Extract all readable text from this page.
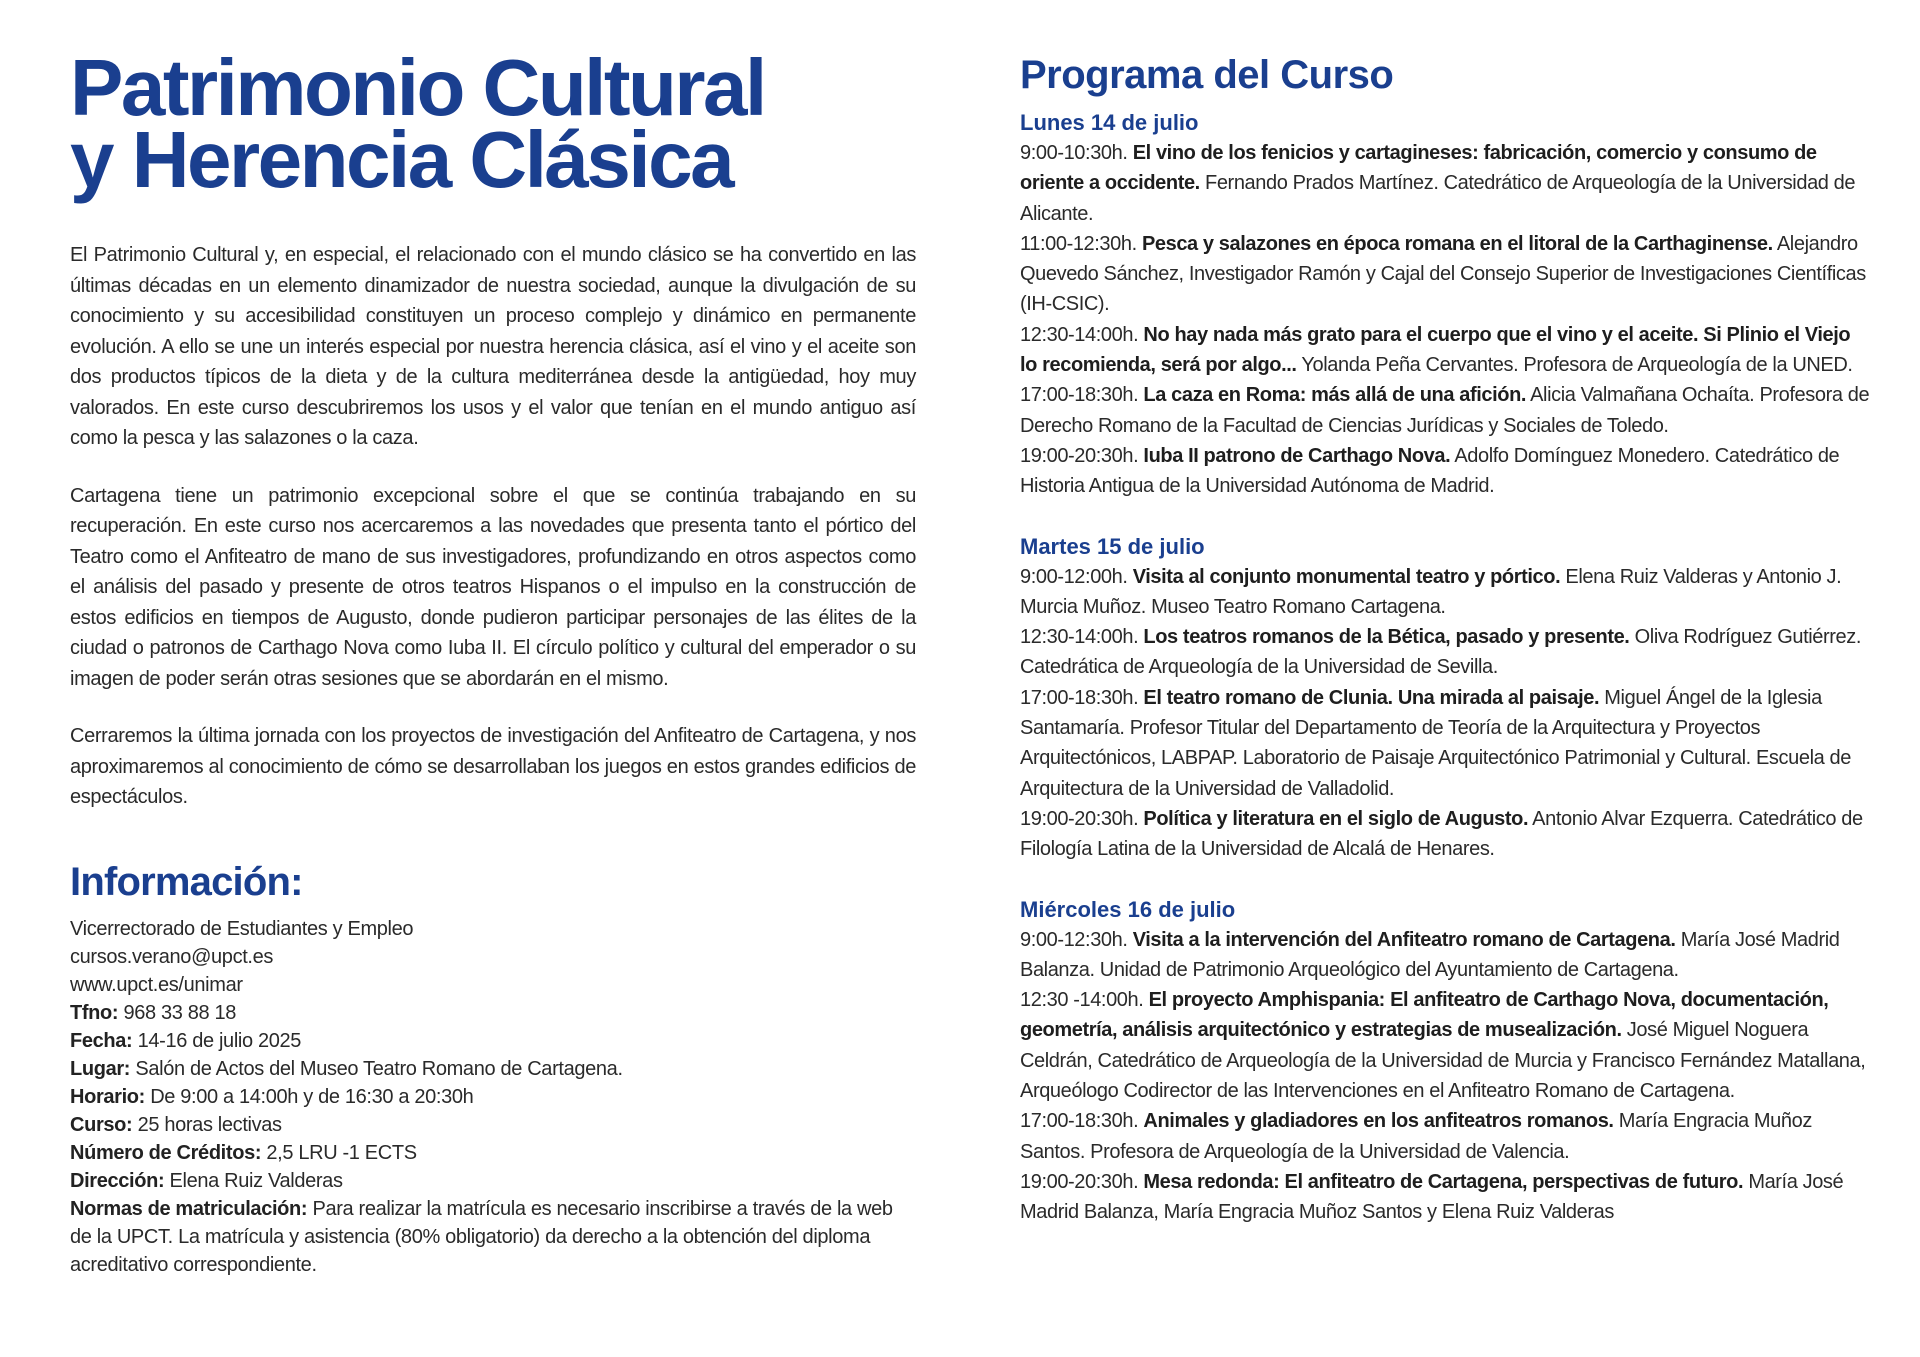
Patrimonio Cultural
y Herencia Clásica

El Patrimonio Cultural y, en especial, el relacionado con el mundo clásico se ha convertido en las últimas décadas en un elemento dinamizador de nuestra sociedad, aunque la divulgación de su conocimiento y su accesibilidad constituyen un proceso complejo y dinámico en permanente evolución. A ello se une un interés especial por nuestra herencia clásica, así el vino y el aceite son dos productos típicos de la dieta y de la cultura mediterránea desde la antigüedad, hoy muy valorados. En este curso descubriremos los usos y el valor que tenían en el mundo antiguo así como la pesca y las salazones o la caza.

Cartagena tiene un patrimonio excepcional sobre el que se continúa trabajando en su recuperación. En este curso nos acercaremos a las novedades que presenta tanto el pórtico del Teatro como el Anfiteatro de mano de sus investigadores, profundizando en otros aspectos como el análisis del pasado y presente de otros teatros Hispanos o el impulso en la construcción de estos edificios en tiempos de Augusto, donde pudieron participar personajes de las élites de la ciudad o patronos de Carthago Nova como Iuba II. El círculo político y cultural del emperador o su imagen de poder serán otras sesiones que se abordarán en el mismo.

Cerraremos la última jornada con los proyectos de investigación del Anfiteatro de Cartagena, y nos aproximaremos al conocimiento de cómo se desarrollaban los juegos en estos grandes edificios de espectáculos.

Información:
Vicerrectorado de Estudiantes y Empleo
cursos.verano@upct.es
www.upct.es/unimar
Tfno: 968 33 88 18
Fecha: 14-16 de julio 2025
Lugar: Salón de Actos del Museo Teatro Romano de Cartagena.
Horario: De 9:00 a 14:00h y de 16:30 a 20:30h
Curso: 25 horas lectivas
Número de Créditos: 2,5 LRU -1 ECTS
Dirección: Elena Ruiz Valderas
Normas de matriculación: Para realizar la matrícula es necesario inscribirse a través de la web de la UPCT. La matrícula y asistencia (80% obligatorio) da derecho a la obtención del diploma acreditativo correspondiente.
Programa del Curso
Lunes 14 de julio
9:00-10:30h. El vino de los fenicios y cartagineses: fabricación, comercio y consumo de oriente a occidente. Fernando Prados Martínez. Catedrático de Arqueología de la Universidad de Alicante.
11:00-12:30h. Pesca y salazones en época romana en el litoral de la Carthaginense. Alejandro Quevedo Sánchez, Investigador Ramón y Cajal del Consejo Superior de Investigaciones Científicas (IH-CSIC).
12:30-14:00h. No hay nada más grato para el cuerpo que el vino y el aceite. Si Plinio el Viejo lo recomienda, será por algo... Yolanda Peña Cervantes. Profesora de Arqueología de la UNED.
17:00-18:30h. La caza en Roma: más allá de una afición. Alicia Valmañana Ochaíta. Profesora de Derecho Romano de la Facultad de Ciencias Jurídicas y Sociales de Toledo.
19:00-20:30h. Iuba II patrono de Carthago Nova. Adolfo Domínguez Monedero. Catedrático de Historia Antigua de la Universidad Autónoma de Madrid.
Martes 15 de julio
9:00-12:00h. Visita al conjunto monumental teatro y pórtico. Elena Ruiz Valderas y Antonio J. Murcia Muñoz. Museo Teatro Romano Cartagena.
12:30-14:00h. Los teatros romanos de la Bética, pasado y presente. Oliva Rodríguez Gutiérrez. Catedrática de Arqueología de la Universidad de Sevilla.
17:00-18:30h. El teatro romano de Clunia. Una mirada al paisaje. Miguel Ángel de la Iglesia Santamaría. Profesor Titular del Departamento de Teoría de la Arquitectura y Proyectos Arquitectónicos, LABPAP. Laboratorio de Paisaje Arquitectónico Patrimonial y Cultural. Escuela de Arquitectura de la Universidad de Valladolid.
19:00-20:30h. Política y literatura en el siglo de Augusto. Antonio Alvar Ezquerra. Catedrático de Filología Latina de la Universidad de Alcalá de Henares.
Miércoles 16 de julio
9:00-12:30h. Visita a la intervención del Anfiteatro romano de Cartagena. María José Madrid Balanza. Unidad de Patrimonio Arqueológico del Ayuntamiento de Cartagena.
12:30 -14:00h. El proyecto Amphispania: El anfiteatro de Carthago Nova, documentación, geometría, análisis arquitectónico y estrategias de musealización. José Miguel Noguera Celdrán, Catedrático de Arqueología de la Universidad de Murcia y Francisco Fernández Matallana, Arqueólogo Codirector de las Intervenciones en el Anfiteatro Romano de Cartagena.
17:00-18:30h. Animales y gladiadores en los anfiteatros romanos. María Engracia Muñoz Santos. Profesora de Arqueología de la Universidad de Valencia.
19:00-20:30h. Mesa redonda: El anfiteatro de Cartagena, perspectivas de futuro. María José Madrid Balanza, María Engracia Muñoz Santos y Elena Ruiz Valderas
